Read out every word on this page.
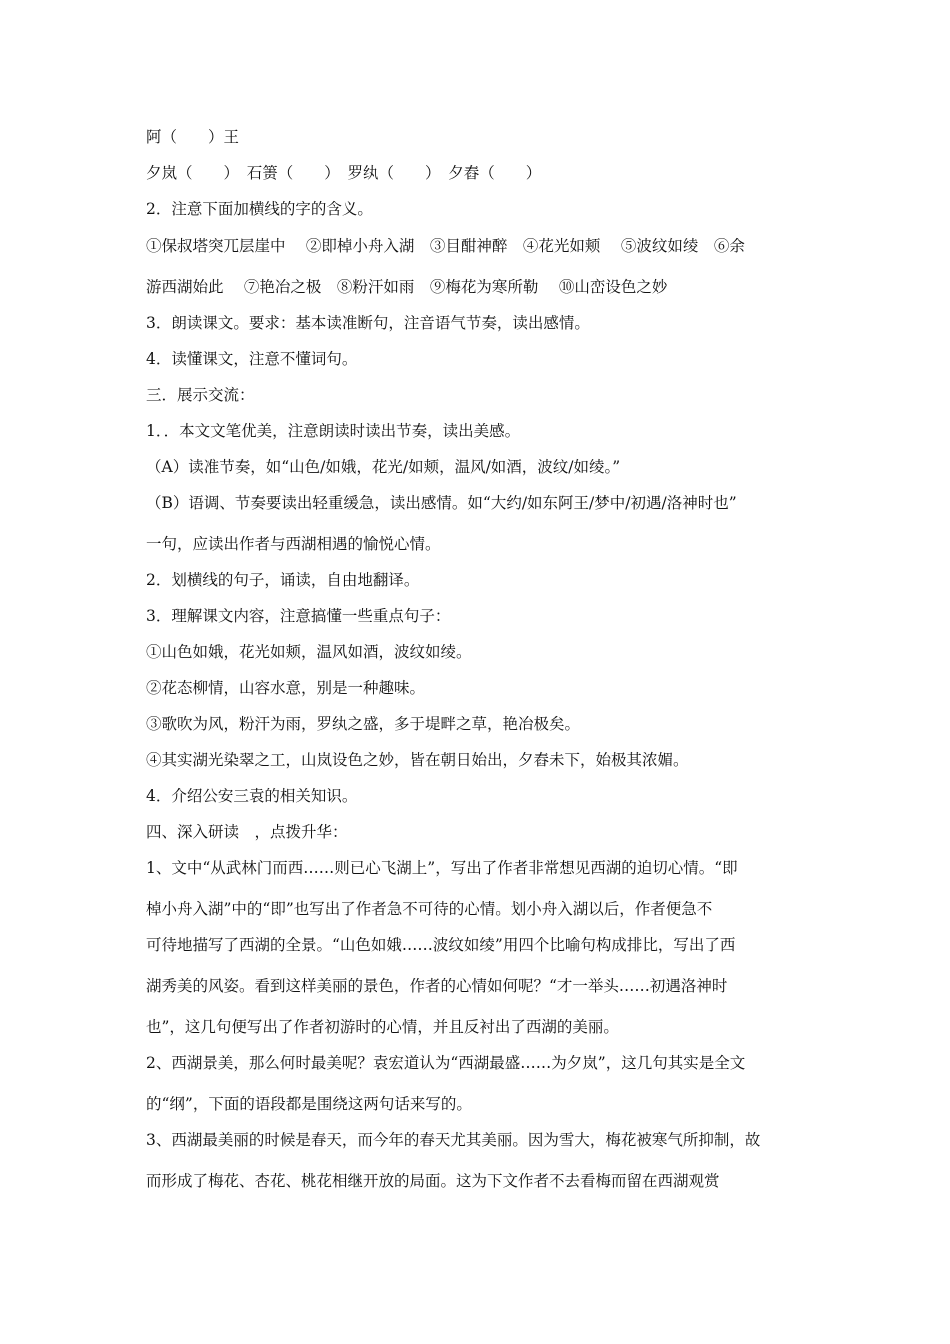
阿（　　）王
夕岚（　　）　石箦（　　）　罗纨（　　）　夕舂（　　）
2．注意下面加横线的字的含义。
①保叔塔突兀层崖中　 ②即棹小舟入湖　③目酣神醉　④花光如颊　 ⑤波纹如绫　⑥余
游西湖始此　 ⑦艳冶之极　⑧粉汗如雨　⑨梅花为寒所勒　 ⑩山峦设色之妙
3．朗读课文。要求：基本读准断句，注音语气节奏，读出感情。
4．读懂课文，注意不懂词句。
三．展示交流：
1．．本文文笔优美，注意朗读时读出节奏，读出美感。
（A）读准节奏，如“山色/如娥，花光/如颊，温风/如酒，波纹/如绫。”
（B）语调、节奏要读出轻重缓急，读出感情。如“大约/如东阿王/梦中/初遇/洛神时也”
一句，应读出作者与西湖相遇的愉悦心情。
2．划横线的句子，诵读，自由地翻译。
3．理解课文内容，注意搞懂一些重点句子：
①山色如娥，花光如颊，温风如酒，波纹如绫。
②花态柳情，山容水意，别是一种趣味。
③歌吹为风，粉汗为雨，罗纨之盛，多于堤畔之草，艳冶极矣。
④其实湖光染翠之工，山岚设色之妙，皆在朝日始出，夕舂未下，始极其浓媚。
4．介绍公安三袁的相关知识。
四、深入研读　，点拨升华：
1、文中“从武林门而西……则已心飞湖上”，写出了作者非常想见西湖的迫切心情。“即
棹小舟入湖”中的“即”也写出了作者急不可待的心情。划小舟入湖以后，作者便急不
可待地描写了西湖的全景。“山色如娥……波纹如绫”用四个比喻句构成排比，写出了西
湖秀美的风姿。看到这样美丽的景色，作者的心情如何呢？“才一举头……初遇洛神时
也”，这几句便写出了作者初游时的心情，并且反衬出了西湖的美丽。
2、西湖景美，那么何时最美呢？袁宏道认为“西湖最盛……为夕岚”，这几句其实是全文
的“纲”，下面的语段都是围绕这两句话来写的。
3、西湖最美丽的时候是春天，而今年的春天尤其美丽。因为雪大，梅花被寒气所抑制，故
而形成了梅花、杏花、桃花相继开放的局面。这为下文作者不去看梅而留在西湖观赏
